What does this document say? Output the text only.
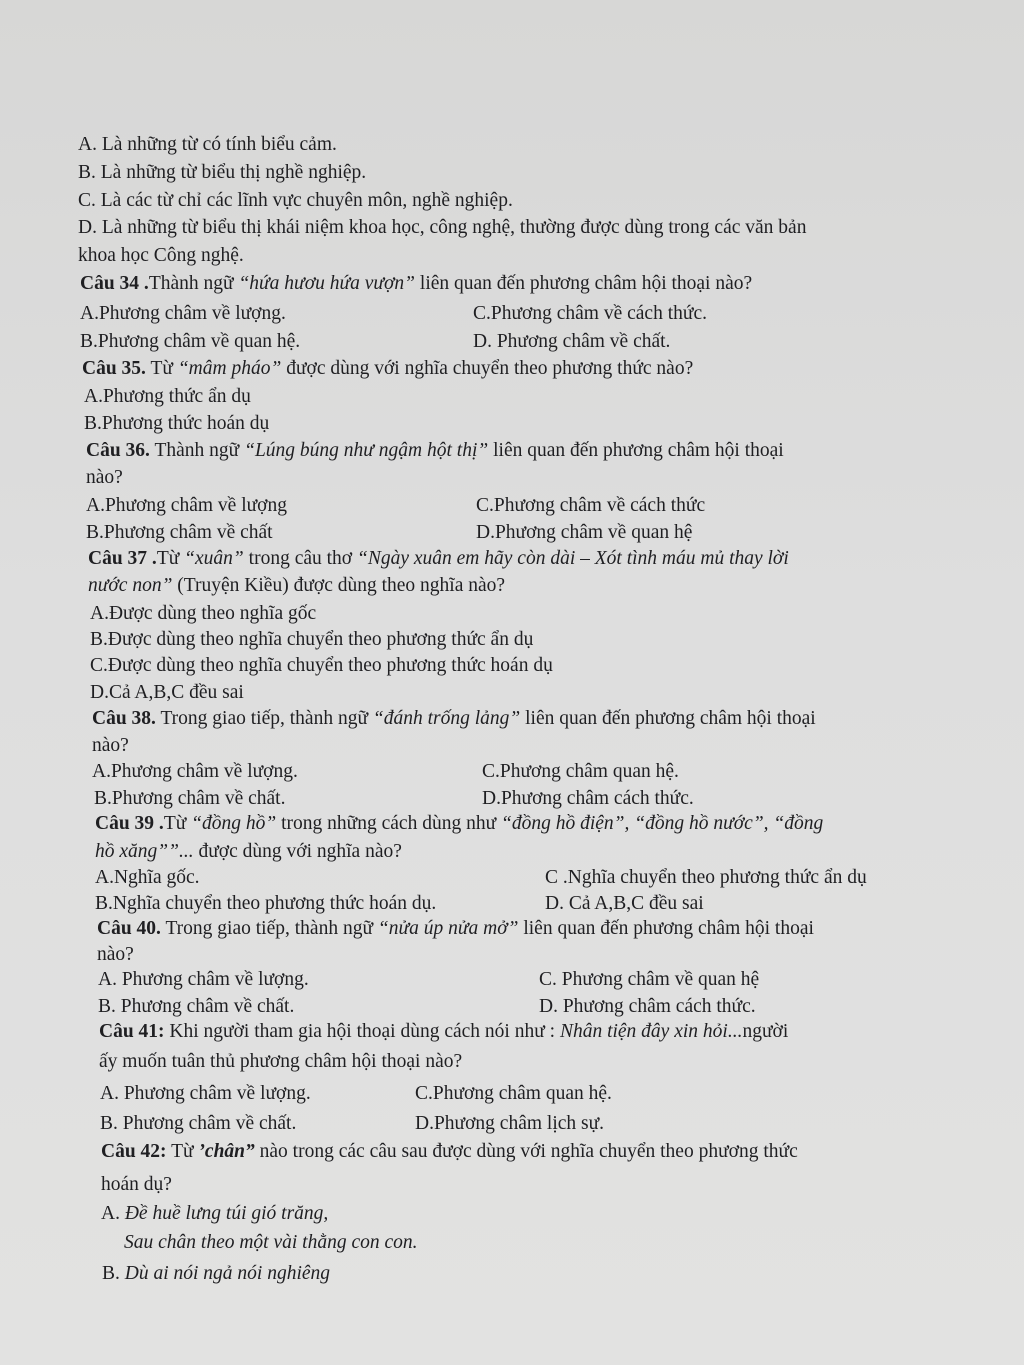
A. Là những từ có tính biểu cảm.
B. Là những từ biểu thị nghề nghiệp.
C. Là các từ chỉ các lĩnh vực chuyên môn, nghề nghiệp.
D. Là những từ biểu thị khái niệm khoa học, công nghệ, thường được dùng trong các văn bản
khoa học Công nghệ.
Câu 34 .Thành ngữ “hứa hươu hứa vượn” liên quan đến phương châm hội thoại nào?
A.Phương châm về lượng.	C.Phương châm về cách thức.
B.Phương châm về quan hệ.	D. Phương châm về chất.
Câu 35. Từ “mâm pháo” được dùng với nghĩa chuyển theo phương thức nào?
A.Phương thức ẩn dụ
B.Phương thức hoán dụ
Câu 36. Thành ngữ “Lúng búng như ngậm hột thị” liên quan đến phương châm hội thoại
nào?
A.Phương châm về lượng	C.Phương châm về cách thức
B.Phương châm về chất	D.Phương châm về quan hệ
Câu 37 .Từ “xuân” trong câu thơ “Ngày xuân em hãy còn dài – Xót tình máu mủ thay lời
nước non” (Truyện Kiều) được dùng theo nghĩa nào?
A.Được dùng theo nghĩa gốc
B.Được dùng theo nghĩa chuyển theo phương thức ẩn dụ
C.Được dùng theo nghĩa chuyển theo phương thức hoán dụ
D.Cả A,B,C đều sai
Câu 38. Trong giao tiếp, thành ngữ “đánh trống lảng” liên quan đến phương châm hội thoại
nào?
A.Phương châm về lượng.	C.Phương châm quan hệ.
B.Phương châm về chất.	D.Phương châm cách thức.
Câu 39 .Từ “đồng hồ” trong những cách dùng như “đồng hồ điện”, “đồng hồ nước”, “đồng
hồ xăng””... được dùng với nghĩa nào?
A.Nghĩa gốc.	C .Nghĩa chuyển theo phương thức ẩn dụ
B.Nghĩa chuyển theo phương thức hoán dụ.	D. Cả A,B,C đều sai
Câu 40. Trong giao tiếp, thành ngữ “nửa úp nửa mở” liên quan đến phương châm hội thoại
nào?
A. Phương châm về lượng.	C. Phương châm về quan hệ
B. Phương châm về chất.	D. Phương châm cách thức.
Câu 41: Khi người tham gia hội thoại dùng cách nói như : Nhân tiện đây xin hỏi...người
ấy muốn tuân thủ phương châm hội thoại nào?
A. Phương châm về lượng.	C.Phương châm quan hệ.
B. Phương châm về chất.	D.Phương châm lịch sự.
Câu 42: Từ ’chân” nào trong các câu sau được dùng với nghĩa chuyển theo phương thức
hoán dụ?
A. Đề huề lưng túi gió trăng,
Sau chân theo một vài thằng con con.
B. Dù ai nói ngả nói nghiêng
